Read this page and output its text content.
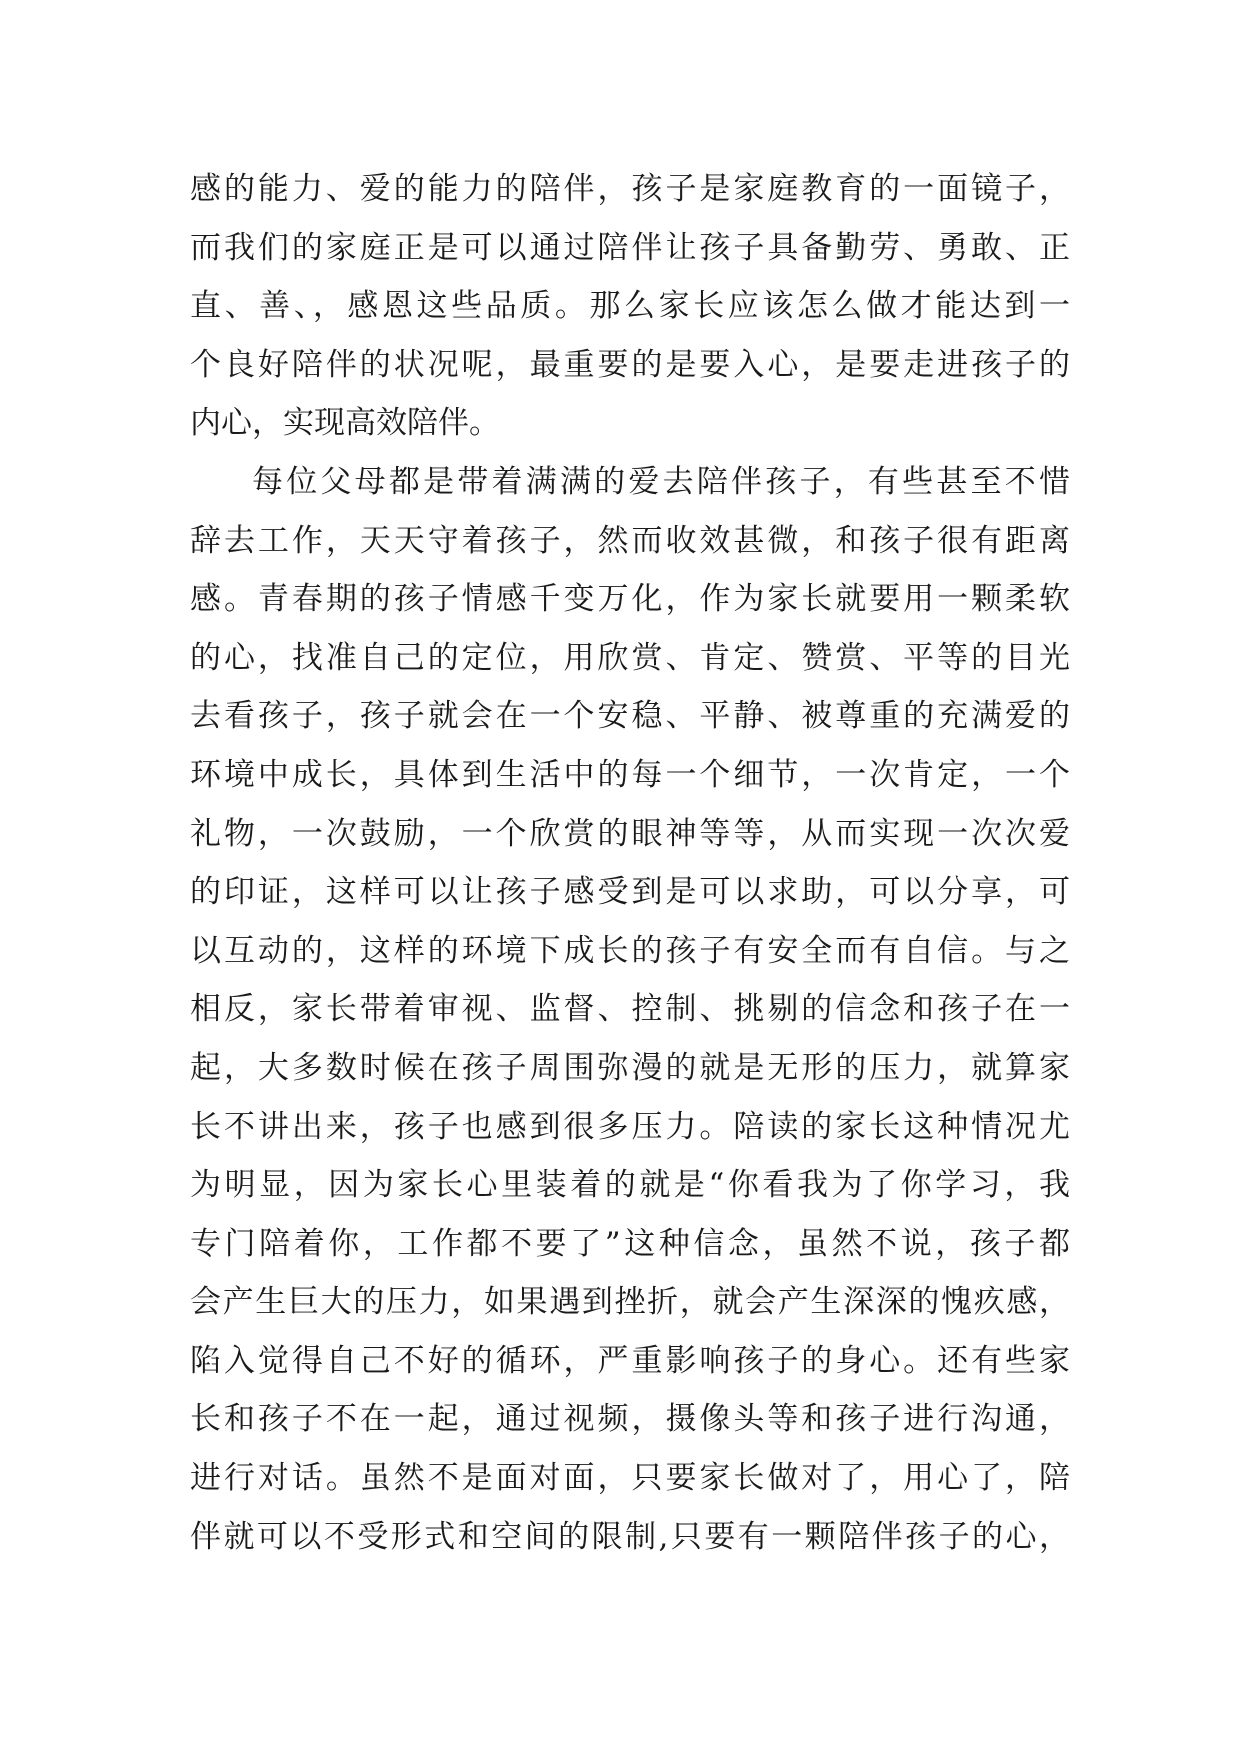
感的能力、爱的能力的陪伴，孩子是家庭教育的一面镜子，
而我们的家庭正是可以通过陪伴让孩子具备勤劳、勇敢、正
直、善、，感恩这些品质。那么家长应该怎么做才能达到一
个良好陪伴的状况呢，最重要的是要入心，是要走进孩子的
内心，实现高效陪伴。
每位父母都是带着满满的爱去陪伴孩子，有些甚至不惜
辞去工作，天天守着孩子，然而收效甚微，和孩子很有距离
感。青春期的孩子情感千变万化，作为家长就要用一颗柔软
的心，找准自己的定位，用欣赏、肯定、赞赏、平等的目光
去看孩子，孩子就会在一个安稳、平静、被尊重的充满爱的
环境中成长，具体到生活中的每一个细节，一次肯定，一个
礼物，一次鼓励，一个欣赏的眼神等等，从而实现一次次爱
的印证，这样可以让孩子感受到是可以求助，可以分享，可
以互动的，这样的环境下成长的孩子有安全而有自信。与之
相反，家长带着审视、监督、控制、挑剔的信念和孩子在一
起，大多数时候在孩子周围弥漫的就是无形的压力，就算家
长不讲出来，孩子也感到很多压力。陪读的家长这种情况尤
为明显，因为家长心里装着的就是“你看我为了你学习，我
专门陪着你，工作都不要了”这种信念，虽然不说，孩子都
会产生巨大的压力，如果遇到挫折，就会产生深深的愧疚感，
陷入觉得自己不好的循环，严重影响孩子的身心。还有些家
长和孩子不在一起，通过视频，摄像头等和孩子进行沟通，
进行对话。虽然不是面对面，只要家长做对了，用心了，陪
伴就可以不受形式和空间的限制,只要有一颗陪伴孩子的心，
